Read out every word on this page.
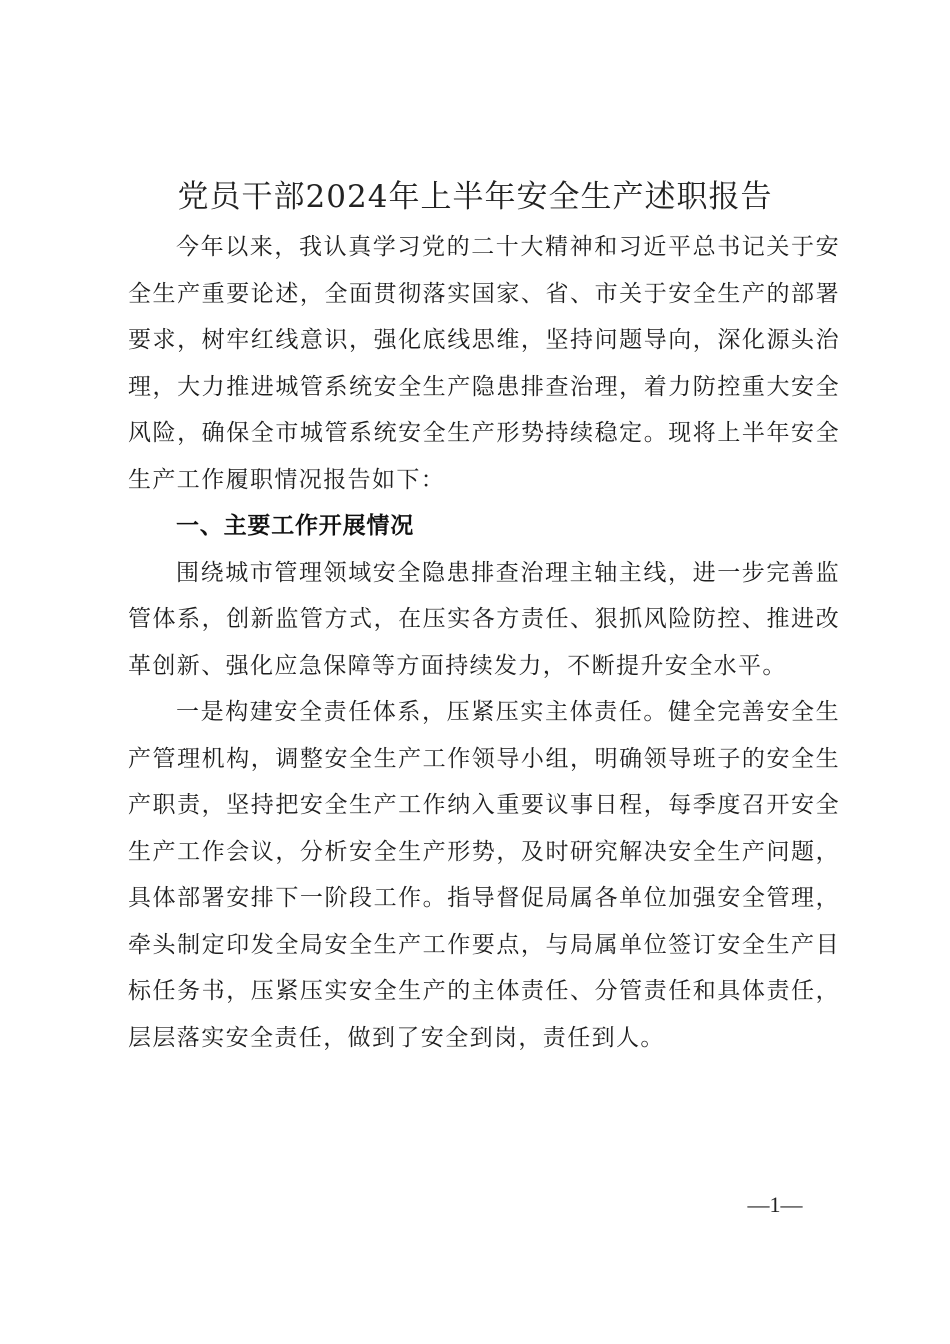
党员干部2024年上半年安全生产述职报告

今年以来，我认真学习党的二十大精神和习近平总书记关于安全生产重要论述，全面贯彻落实国家、省、市关于安全生产的部署要求，树牢红线意识，强化底线思维，坚持问题导向，深化源头治理，大力推进城管系统安全生产隐患排查治理，着力防控重大安全风险，确保全市城管系统安全生产形势持续稳定。现将上半年安全生产工作履职情况报告如下：

一、主要工作开展情况

围绕城市管理领域安全隐患排查治理主轴主线，进一步完善监管体系，创新监管方式，在压实各方责任、狠抓风险防控、推进改革创新、强化应急保障等方面持续发力，不断提升安全水平。

一是构建安全责任体系，压紧压实主体责任。健全完善安全生产管理机构，调整安全生产工作领导小组，明确领导班子的安全生产职责，坚持把安全生产工作纳入重要议事日程，每季度召开安全生产工作会议，分析安全生产形势，及时研究解决安全生产问题，具体部署安排下一阶段工作。指导督促局属各单位加强安全管理，牵头制定印发全局安全生产工作要点，与局属单位签订安全生产目标任务书，压紧压实安全生产的主体责任、分管责任和具体责任，层层落实安全责任，做到了安全到岗，责任到人。

—1—
